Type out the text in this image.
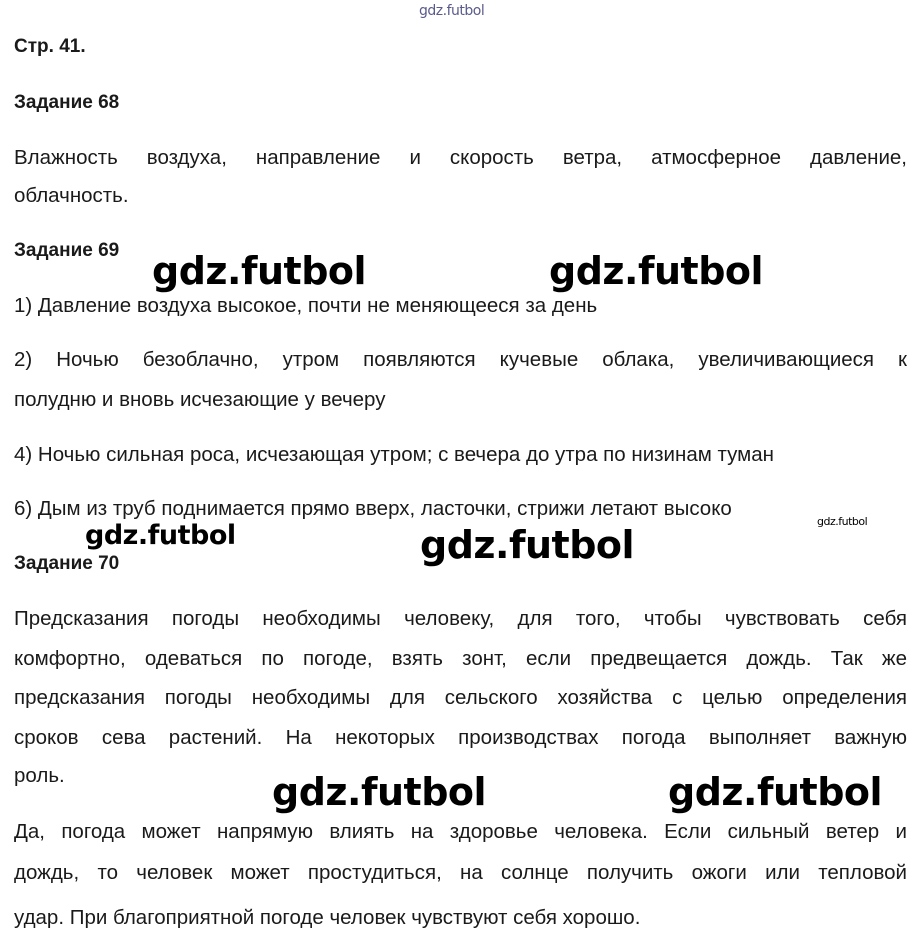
gdz.futbol
Стр. 41.
Задание 68
Влажность воздуха, направление и скорость ветра, атмосферное давление,
облачность.
Задание 69
1) Давление воздуха высокое, почти не меняющееся за день
2) Ночью безоблачно, утром появляются кучевые облака, увеличивающиеся к
полудню и вновь исчезающие у вечеру
4) Ночью сильная роса, исчезающая утром; с вечера до утра по низинам туман
6) Дым из труб поднимается прямо вверх, ласточки, стрижи летают высоко
Задание 70
Предсказания погоды необходимы человеку, для того, чтобы чувствовать себя
комфортно, одеваться по погоде, взять зонт, если предвещается дождь. Так же
предсказания погоды необходимы для сельского хозяйства с целью определения
сроков сева растений. На некоторых производствах погода выполняет важную
роль.
Да, погода может напрямую влиять на здоровье человека. Если сильный ветер и
дождь, то человек может простудиться, на солнце получить ожоги или тепловой
удар. При благоприятной погоде человек чувствуют себя хорошо.
gdz.futbol	gdz.futbol
gdz.futbol	gdz.futbol
gdz.futbol
gdz.futbol	gdz.futbol
